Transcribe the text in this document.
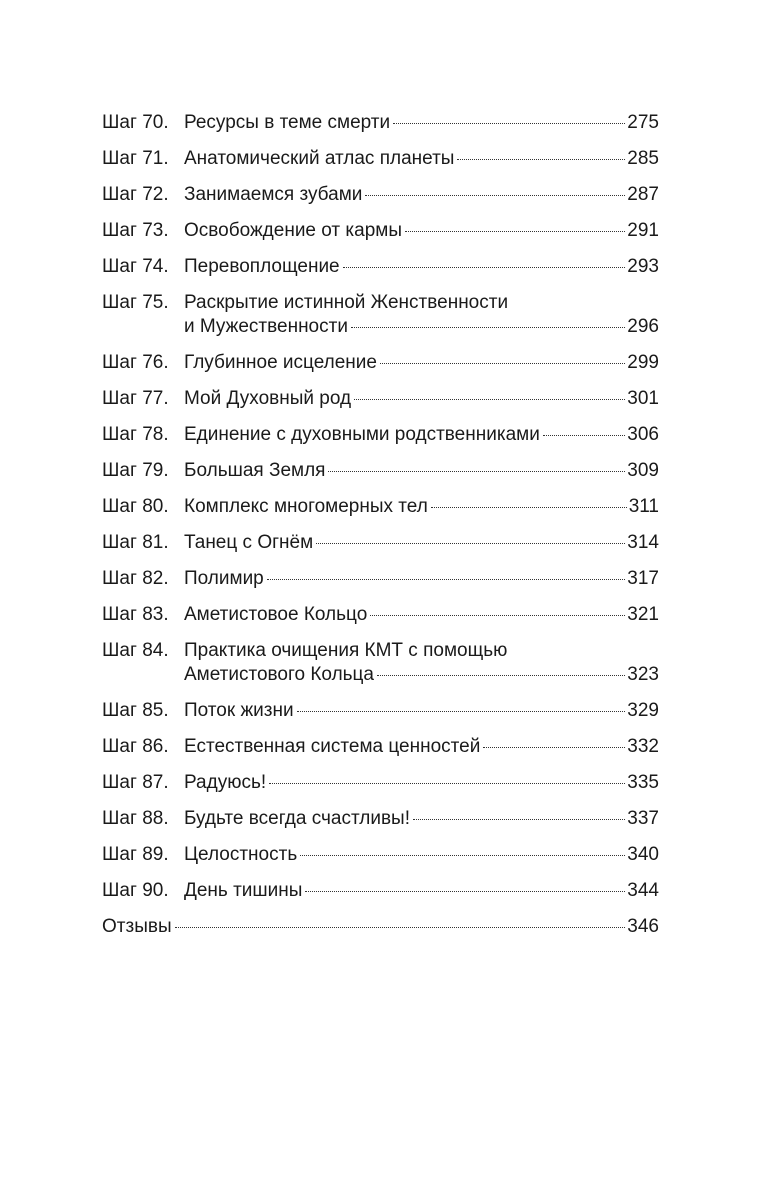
Шаг 70. Ресурсы в теме смерти	275
Шаг 71. Анатомический атлас планеты	285
Шаг 72. Занимаемся зубами	287
Шаг 73. Освобождение от кармы	291
Шаг 74. Перевоплощение	293
Шаг 75. Раскрытие истинной Женственности
и Мужественности	296
Шаг 76. Глубинное исцеление	299
Шаг 77. Мой Духовный род	301
Шаг 78. Единение с духовными родственниками	306
Шаг 79. Большая Земля	309
Шаг 80. Комплекс многомерных тел	311
Шаг 81. Танец с Огнём	314
Шаг 82. Полимир	317
Шаг 83. Аметистовое Кольцо	321
Шаг 84. Практика очищения КМТ с помощью
Аметистового Кольца	323
Шаг 85. Поток жизни	329
Шаг 86. Естественная система ценностей	332
Шаг 87. Радуюсь!	335
Шаг 88. Будьте всегда счастливы!	337
Шаг 89. Целостность	340
Шаг 90. День тишины	344
Отзывы	346
